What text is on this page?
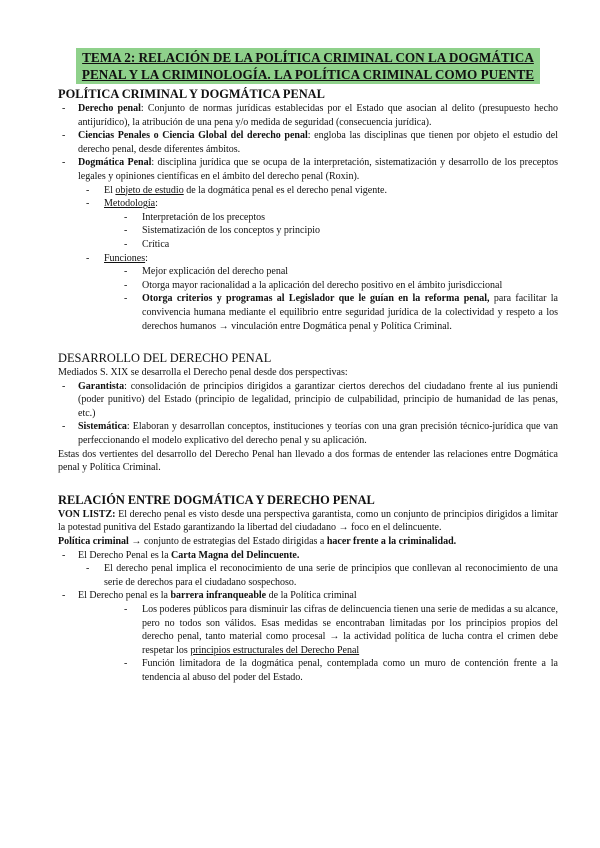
TEMA 2: RELACIÓN DE LA POLÍTICA CRIMINAL CON LA DOGMÁTICA
PENAL Y LA CRIMINOLOGÍA. LA POLÍTICA CRIMINAL COMO PUENTE
POLÍTICA CRIMINAL Y DOGMÁTICA PENAL
-	Derecho penal: Conjunto de normas jurídicas establecidas por el Estado que asocian al delito (presupuesto hecho antijurídico), la atribución de una pena y/o medida de seguridad (consecuencia jurídica).
-	Ciencias Penales o Ciencia Global del derecho penal: engloba las disciplinas que tienen por objeto el estudio del derecho penal, desde diferentes ámbitos.
-	Dogmática Penal: disciplina jurídica que se ocupa de la interpretación, sistematización y desarrollo de los preceptos legales y opiniones científicas en el ámbito del derecho penal (Roxin).
-	El objeto de estudio de la dogmática penal es el derecho penal vigente.
-	Metodología:
-	Interpretación de los preceptos
-	Sistematización de los conceptos y principio
-	Crítica
-	Funciones:
-	Mejor explicación del derecho penal
-	Otorga mayor racionalidad a la aplicación del derecho positivo en el ámbito jurisdiccional
-	Otorga criterios y programas al Legislador que le guían en la reforma penal, para facilitar la convivencia humana mediante el equilibrio entre seguridad jurídica de la colectividad y respeto a los derechos humanos → vinculación entre Dogmática penal y Política Criminal.
DESARROLLO DEL DERECHO PENAL
Mediados S. XIX se desarrolla el Derecho penal desde dos perspectivas:
-	Garantista: consolidación de principios dirigidos a garantizar ciertos derechos del ciudadano frente al ius puniendi (poder punitivo) del Estado (principio de legalidad, principio de culpabilidad, principio de humanidad de las penas, etc.)
-	Sistemática: Elaboran y desarrollan conceptos, instituciones y teorías con una gran precisión técnico-jurídica que van perfeccionando el modelo explicativo del derecho penal y su aplicación.
Estas dos vertientes del desarrollo del Derecho Penal han llevado a dos formas de entender las relaciones entre Dogmática penal y Política Criminal.
RELACIÓN ENTRE DOGMÁTICA Y DERECHO PENAL
VON LISTZ: El derecho penal es visto desde una perspectiva garantista, como un conjunto de principios dirigidos a limitar la potestad punitiva del Estado garantizando la libertad del ciudadano → foco en el delincuente.
Política criminal → conjunto de estrategias del Estado dirigidas a hacer frente a la criminalidad.
-	El Derecho Penal es la Carta Magna del Delincuente.
-	El derecho penal implica el reconocimiento de una serie de principios que conllevan al reconocimiento de una serie de derechos para el ciudadano sospechoso.
-	El Derecho penal es la barrera infranqueable de la Política criminal
-	Los poderes públicos para disminuir las cifras de delincuencia tienen una serie de medidas a su alcance, pero no todos son válidos. Esas medidas se encontraban limitadas por los principios propios del derecho penal, tanto material como procesal → la actividad política de lucha contra el crimen debe respetar los principios estructurales del Derecho Penal
-	Función limitadora de la dogmática penal, contemplada como un muro de contención frente a la tendencia al abuso del poder del Estado.
